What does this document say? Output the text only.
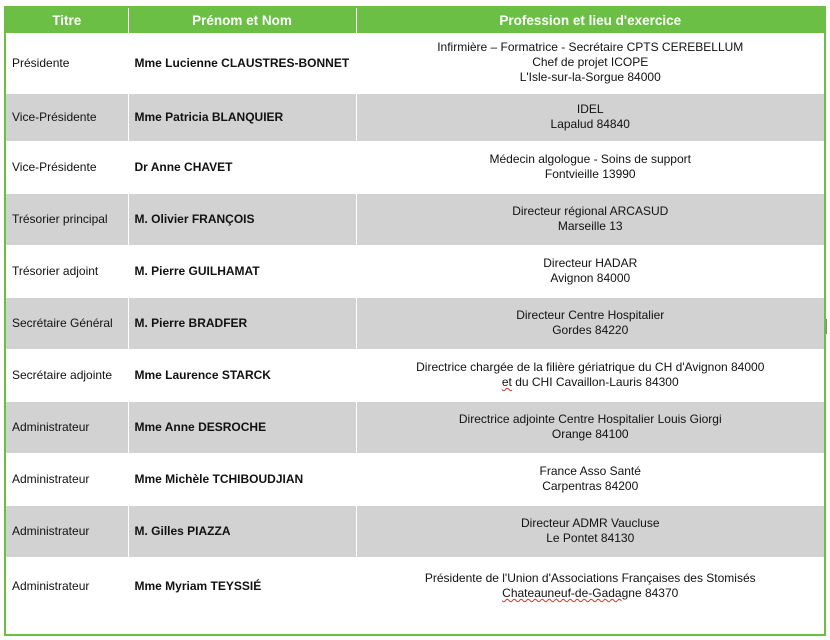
Titre	Prénom et Nom	Profession et lieu d'exercice
Présidente	Mme Lucienne CLAUSTRES-BONNET	Infirmière – Formatrice - Secrétaire CPTS CEREBELLUM
Chef de projet ICOPE
L'Isle-sur-la-Sorgue 84000

Vice-Présidente	Mme Patricia BLANQUIER	IDEL
Lapalud 84840

Vice-Présidente	Dr Anne CHAVET	Médecin algologue - Soins de support
Fontvieille 13990

Trésorier principal	M. Olivier FRANÇOIS	Directeur régional ARCASUD
Marseille 13

Trésorier adjoint	M. Pierre GUILHAMAT	Directeur HADAR
Avignon 84000

Secrétaire Général	M. Pierre BRADFER	Directeur Centre Hospitalier
Gordes 84220

Secrétaire adjointe	Mme Laurence STARCK	Directrice chargée de la filière gériatrique du CH d'Avignon 84000
et du CHI Cavaillon-Lauris 84300

Administrateur	Mme Anne DESROCHE	Directrice adjointe Centre Hospitalier Louis Giorgi
Orange 84100

Administrateur	Mme Michèle TCHIBOUDJIAN	France Asso Santé
Carpentras 84200

Administrateur	M. Gilles PIAZZA	Directeur ADMR Vaucluse
Le Pontet 84130

Administrateur	Mme Myriam TEYSSIÉ	Présidente de l'Union d'Associations Françaises des Stomisés
Chateauneuf-de-Gadagne 84370
